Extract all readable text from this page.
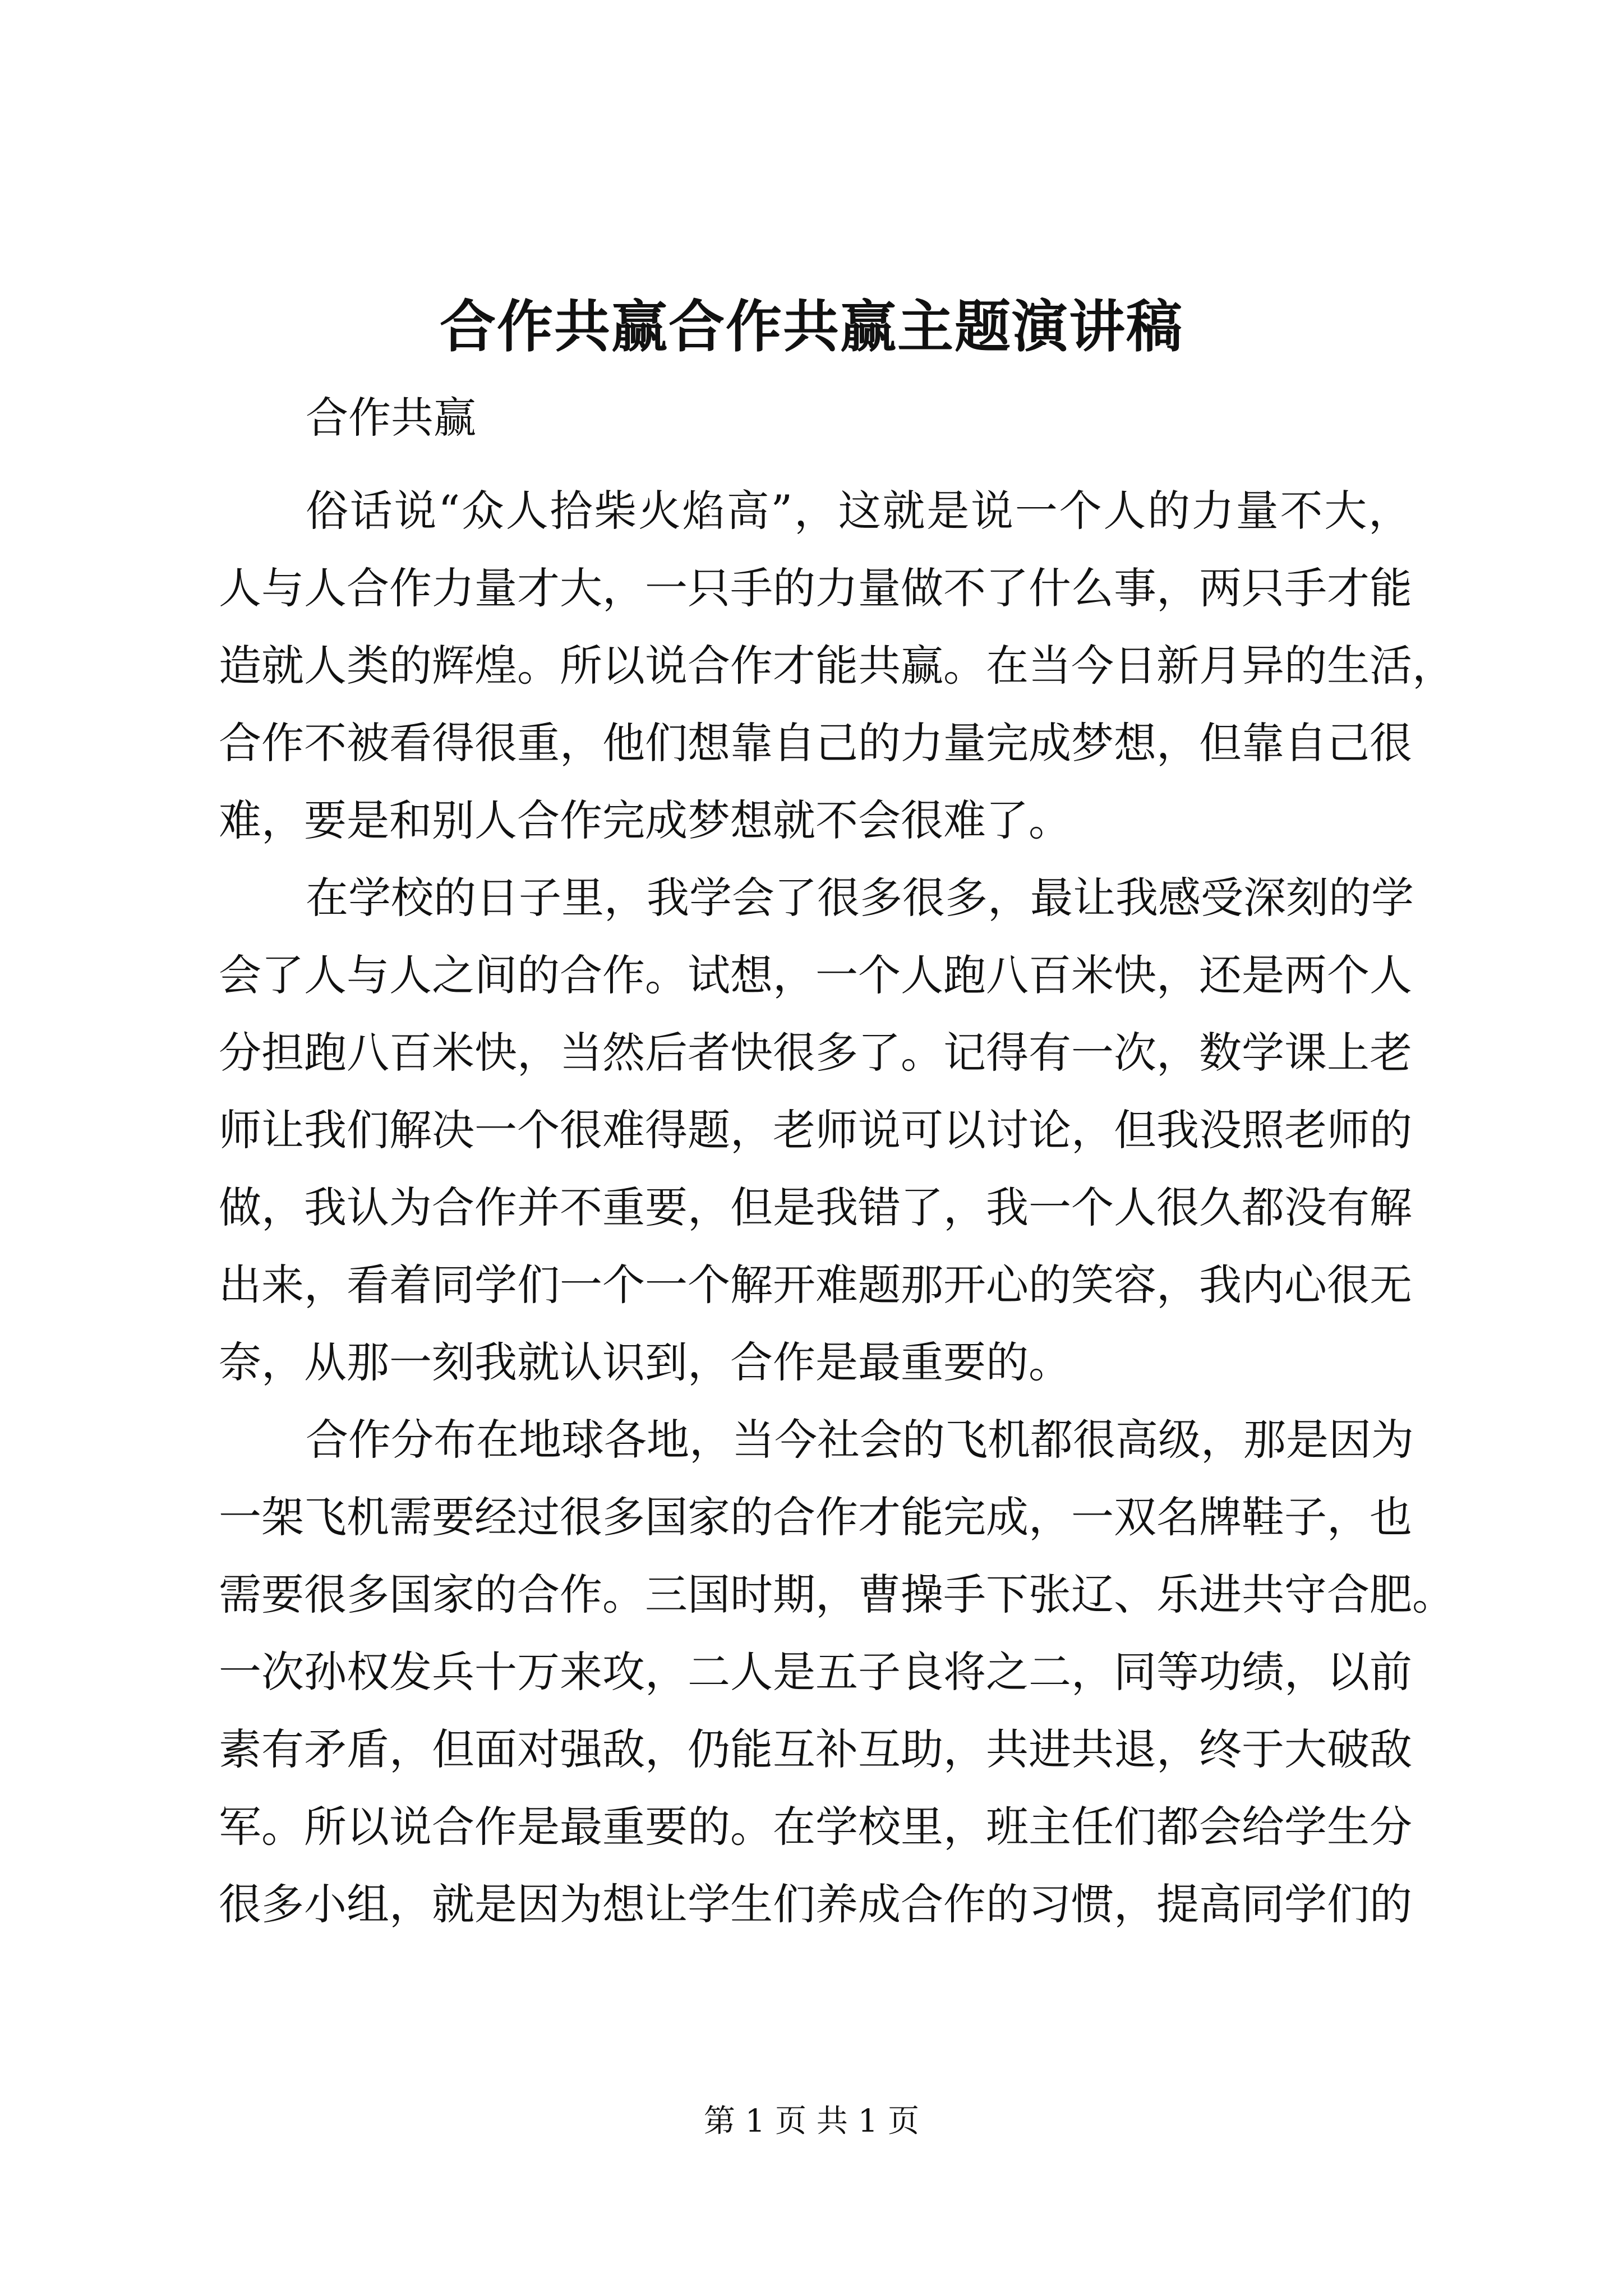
合作共赢合作共赢主题演讲稿
合作共赢
俗话说“众人拾柴火焰高”，这就是说一个人的力量不大，
人与人合作力量才大，一只手的力量做不了什么事，两只手才能
造就人类的辉煌。所以说合作才能共赢。在当今日新月异的生活，
合作不被看得很重，他们想靠自己的力量完成梦想，但靠自己很
难，要是和别人合作完成梦想就不会很难了。
在学校的日子里，我学会了很多很多，最让我感受深刻的学
会了人与人之间的合作。试想，一个人跑八百米快，还是两个人
分担跑八百米快，当然后者快很多了。记得有一次，数学课上老
师让我们解决一个很难得题，老师说可以讨论，但我没照老师的
做，我认为合作并不重要，但是我错了，我一个人很久都没有解
出来，看着同学们一个一个解开难题那开心的笑容，我内心很无
奈，从那一刻我就认识到，合作是最重要的。
合作分布在地球各地，当今社会的飞机都很高级，那是因为
一架飞机需要经过很多国家的合作才能完成，一双名牌鞋子，也
需要很多国家的合作。三国时期，曹操手下张辽、乐进共守合肥。
一次孙权发兵十万来攻，二人是五子良将之二，同等功绩，以前
素有矛盾，但面对强敌，仍能互补互助，共进共退，终于大破敌
军。所以说合作是最重要的。在学校里，班主任们都会给学生分
很多小组，就是因为想让学生们养成合作的习惯，提高同学们的
第 1 页 共 1 页
